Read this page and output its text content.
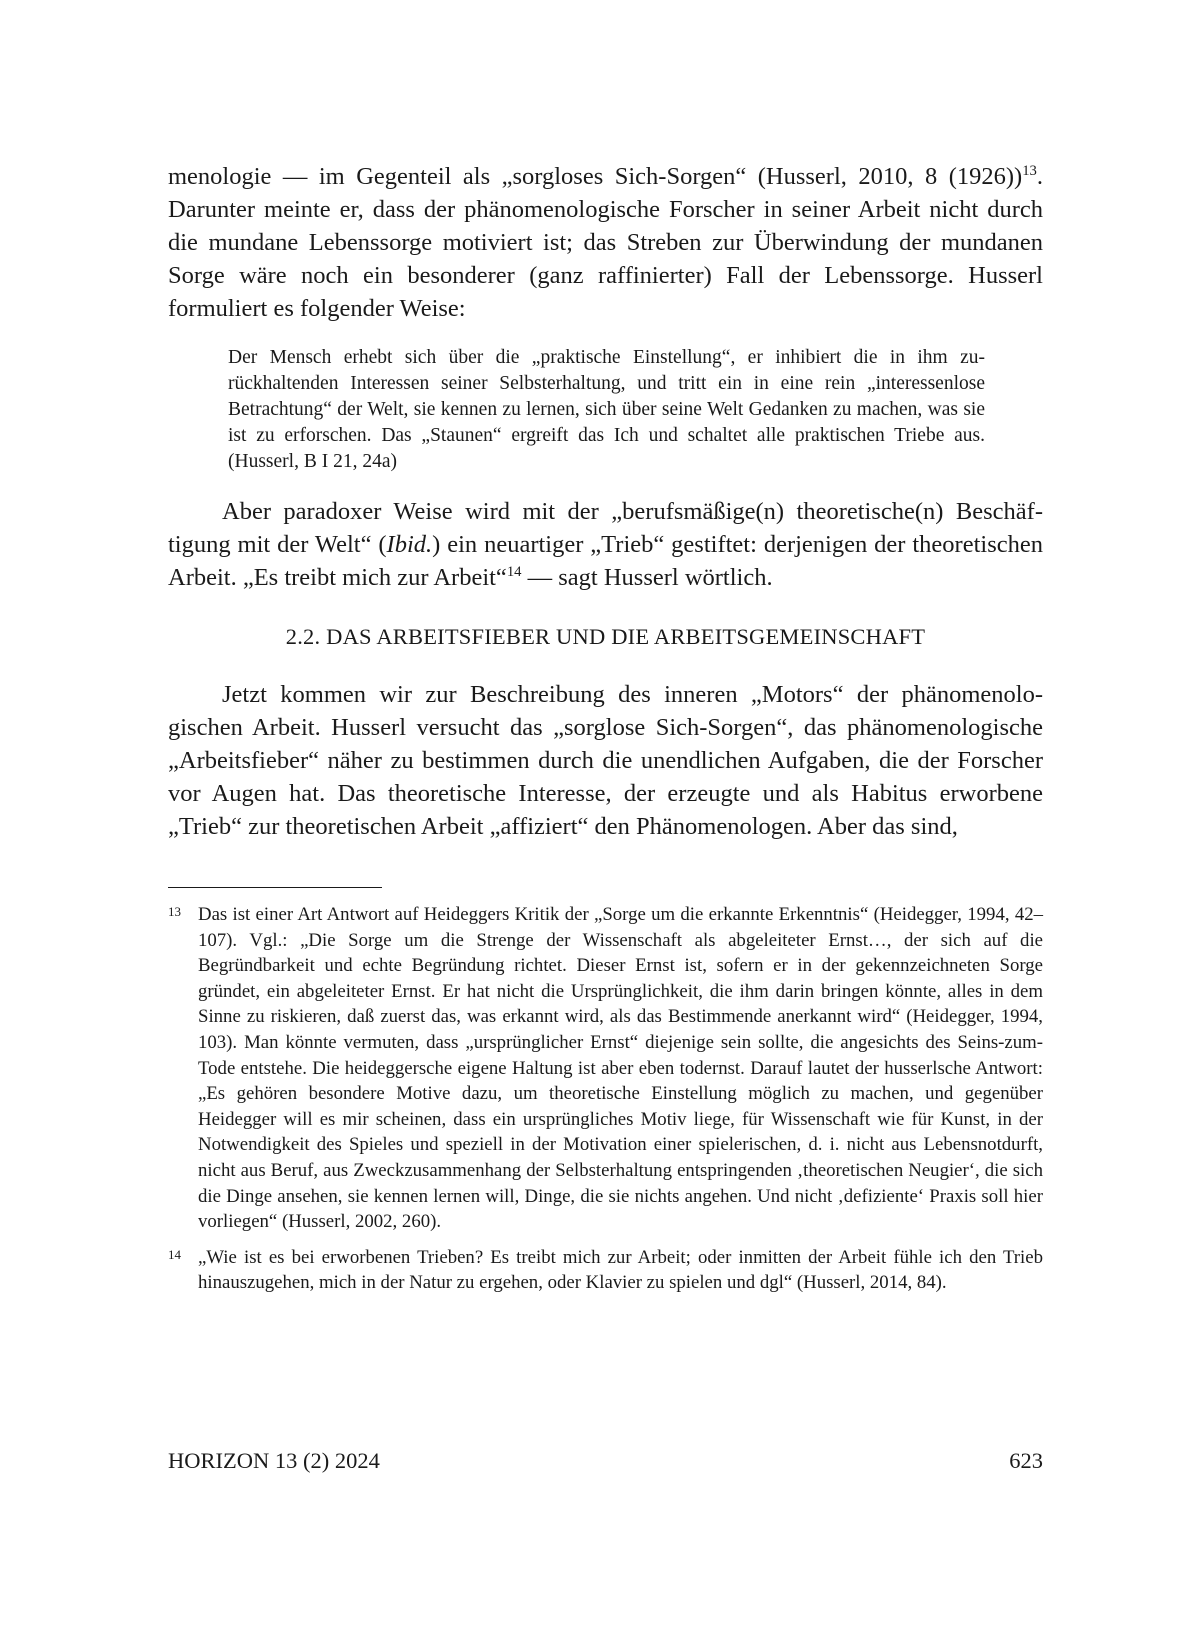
menologie — im Gegenteil als „sorgloses Sich-Sorgen“ (Husserl, 2010, 8 (1926))$^{13}$. Darunter meinte er, dass der phänomenologische Forscher in seiner Arbeit nicht durch die mundane Lebenssorge motiviert ist; das Streben zur Überwindung der mundanen Sorge wäre noch ein besonderer (ganz raffinierter) Fall der Lebenssorge. Husserl formuliert es folgender Weise:

Der Mensch erhebt sich über die „praktische Einstellung“, er inhibiert die in ihm zurückhaltenden Interessen seiner Selbsterhaltung, und tritt ein in eine rein „interessenlose Betrachtung“ der Welt, sie kennen zu lernen, sich über seine Welt Gedanken zu machen, was sie ist zu erforschen. Das „Staunen“ ergreift das Ich und schaltet alle praktischen Triebe aus. (Husserl, B I 21, 24a)

Aber paradoxer Weise wird mit der „berufsmäßige(n) theoretische(n) Beschäftigung mit der Welt“ (Ibid.) ein neuartiger „Trieb“ gestiftet: derjenigen der theoretischen Arbeit. „Es treibt mich zur Arbeit“$^{14}$ — sagt Husserl wörtlich.

2.2. DAS ARBEITSFIEBER UND DIE ARBEITSGEMEINSCHAFT

Jetzt kommen wir zur Beschreibung des inneren „Motors“ der phänomenologischen Arbeit. Husserl versucht das „sorglose Sich-Sorgen“, das phänomenologische „Arbeitsfieber“ näher zu bestimmen durch die unendlichen Aufgaben, die der Forscher vor Augen hat. Das theoretische Interesse, der erzeugte und als Habitus erworbene „Trieb“ zur theoretischen Arbeit „affiziert“ den Phänomenologen. Aber das sind,

13 Das ist einer Art Antwort auf Heideggers Kritik der „Sorge um die erkannte Erkenntnis“ (Heidegger, 1994, 42–107). Vgl.: „Die Sorge um die Strenge der Wissenschaft als abgeleiteter Ernst…, der sich auf die Begründbarkeit und echte Begründung richtet. Dieser Ernst ist, sofern er in der gekennzeichneten Sorge gründet, ein abgeleiteter Ernst. Er hat nicht die Ursprünglichkeit, die ihm darin bringen könnte, alles in dem Sinne zu riskieren, daß zuerst das, was erkannt wird, als das Bestimmende anerkannt wird“ (Heidegger, 1994, 103). Man könnte vermuten, dass „ursprünglicher Ernst“ diejenige sein sollte, die angesichts des Seins-zum-Tode entstehe. Die heideggersche eigene Haltung ist aber eben todernst. Darauf lautet der husserlsche Antwort: „Es gehören besondere Motive dazu, um theoretische Einstellung möglich zu machen, und gegenüber Heidegger will es mir scheinen, dass ein ursprüngliches Motiv liege, für Wissenschaft wie für Kunst, in der Notwendigkeit des Spieles und speziell in der Motivation einer spielerischen, d. i. nicht aus Lebensnotdurft, nicht aus Beruf, aus Zweckzusammenhang der Selbsterhaltung entspringenden ‚theoretischen Neugier‘, die sich die Dinge ansehen, sie kennen lernen will, Dinge, die sie nichts angehen. Und nicht ‚defiziente‘ Praxis soll hier vorliegen“ (Husserl, 2002, 260).
14 „Wie ist es bei erworbenen Trieben? Es treibt mich zur Arbeit; oder inmitten der Arbeit fühle ich den Trieb hinauszugehen, mich in der Natur zu ergehen, oder Klavier zu spielen und dgl“ (Husserl, 2014, 84).
HORIZON 13 (2) 2024	623
